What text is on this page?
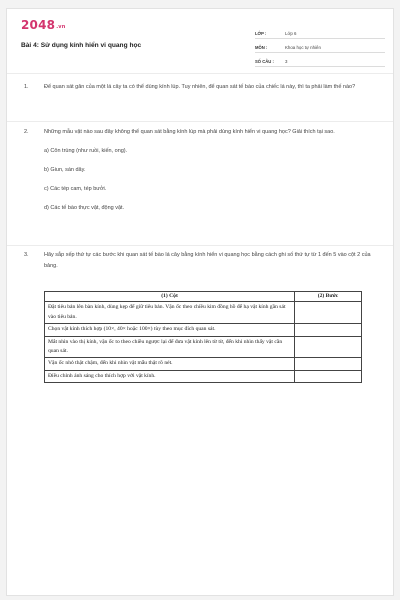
2048.vn
Bài 4: Sử dụng kính hiển vi quang học
LỚP :	Lớp 6
MÔN :	Khoa học tự nhiên
SỐ CÂU :	3
1.	Để quan sát gân của một lá cây ta có thể dùng kính lúp. Tuy nhiên, để quan sát tế bào của chiếc lá này, thì ta phải làm thế nào?
2.	Những mẫu vật nào sau đây không thể quan sát bằng kính lúp mà phải dùng kính hiển vi quang học? Giải thích tại sao.
a) Côn trùng (như ruồi, kiến, ong).
b) Giun, sán dây.
c) Các tép cam, tép bưởi.
d) Các tế bào thực vật, động vật.
3.	Hãy sắp xếp thứ tự các bước khi quan sát tế bào lá cây bằng kính hiển vi quang học bằng cách ghi số thứ tự từ 1 đến 5 vào cột 2 của bảng.
(1) Cột	(2) Bước
Đặt tiêu bản lên bàn kính, dùng kẹp để giữ tiêu bản. Vặn ốc theo chiều kim đồng hồ để hạ vật kính gần sát vào tiêu bản.	
Chọn vật kính thích hợp (10×, 40× hoặc 100×) tùy theo mục đích quan sát.	
Mắt nhìn vào thị kính, vặn ốc to theo chiều ngược lại để đưa vật kính lên từ từ, đến khi nhìn thấy vật cần quan sát.	
Vặn ốc nhỏ thật chậm, đến khi nhìn vật mẫu thật rõ nét.	
Điều chỉnh ánh sáng cho thích hợp với vật kính.	
